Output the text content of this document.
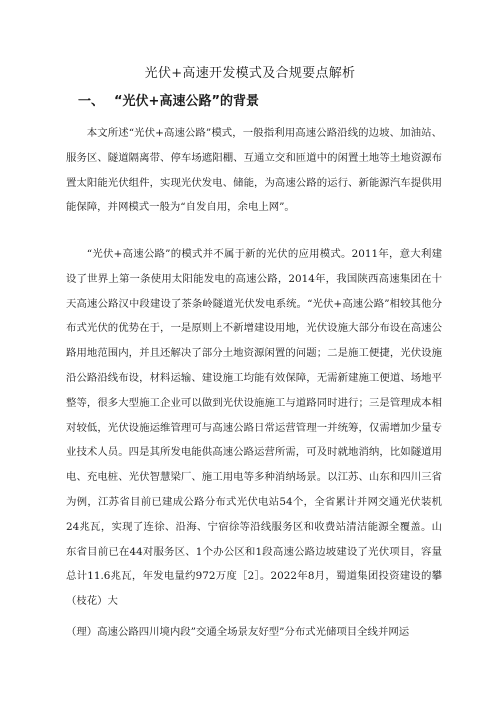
光伏+高速开发模式及合规要点解析
一、 “光伏+高速公路”的背景

本文所述“光伏+高速公路”模式，一般指利用高速公路沿线的边坡、加油站、服务区、隧道隔离带、停车场遮阳棚、互通立交和匝道中的闲置土地等土地资源布置太阳能光伏组件，实现光伏发电、储能，为高速公路的运行、新能源汽车提供用能保障，并网模式一般为“自发自用，余电上网”。

“光伏+高速公路”的模式并不属于新的光伏的应用模式。2011年，意大利建设了世界上第一条使用太阳能发电的高速公路，2014年，我国陕西高速集团在十天高速公路汉中段建设了茶条岭隧道光伏发电系统。“光伏+高速公路”相较其他分布式光伏的优势在于，一是原则上不新增建设用地，光伏设施大部分布设在高速公路用地范围内，并且还解决了部分土地资源闲置的问题；二是施工便捷，光伏设施沿公路沿线布设，材料运输、建设施工均能有效保障，无需新建施工便道、场地平整等，很多大型施工企业可以做到光伏设施施工与道路同时进行；三是管理成本相对较低，光伏设施运维管理可与高速公路日常运营管理一并统筹，仅需增加少量专业技术人员。四是其所发电能供高速公路运营所需，可及时就地消纳，比如隧道用电、充电桩、光伏智慧梁厂、施工用电等多种消纳场景。以江苏、山东和四川三省为例，江苏省目前已建成公路分布式光伏电站54个，全省累计并网交通光伏装机24兆瓦，实现了连徐、沿海、宁宿徐等沿线服务区和收费站清洁能源全覆盖。山东省目前已在44对服务区、1个办公区和1段高速公路边坡建设了光伏项目，容量总计11.6兆瓦，年发电量约972万度［2］。2022年8月，蜀道集团投资建设的攀（枝花）大

（理）高速公路四川境内段”交通全场景友好型”分布式光储项目全线并网运
